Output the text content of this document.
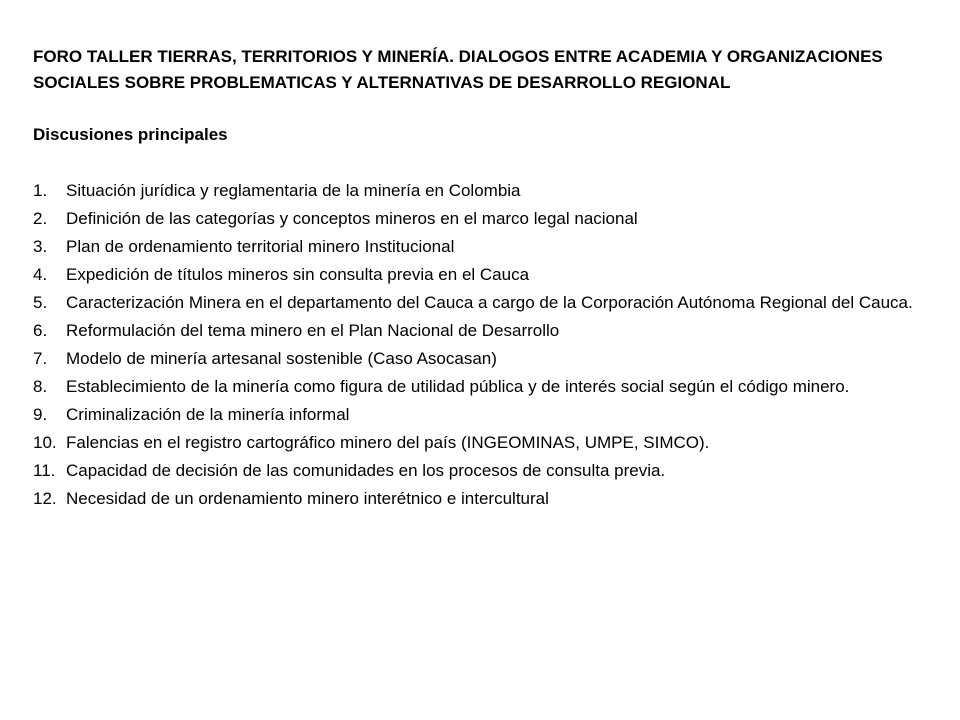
FORO TALLER TIERRAS, TERRITORIOS Y MINERÍA. DIALOGOS ENTRE ACADEMIA Y ORGANIZACIONES SOCIALES SOBRE PROBLEMATICAS Y ALTERNATIVAS DE DESARROLLO REGIONAL

Discusiones principales

1. Situación jurídica y reglamentaria de la minería en Colombia
2. Definición de las categorías y conceptos mineros en el marco legal nacional
3. Plan de ordenamiento territorial minero Institucional
4. Expedición de títulos mineros sin consulta previa en el Cauca
5. Caracterización Minera en el departamento del Cauca a cargo de la Corporación Autónoma Regional del Cauca.
6. Reformulación del tema minero en el Plan Nacional de Desarrollo
7. Modelo de minería artesanal sostenible (Caso Asocasan)
8. Establecimiento de la minería como figura de utilidad pública y de interés social según el código minero.
9. Criminalización de la minería informal
10. Falencias en el registro cartográfico minero del país (INGEOMINAS, UMPE, SIMCO).
11. Capacidad de decisión de las comunidades en los procesos de consulta previa.
12. Necesidad de un ordenamiento minero interétnico e intercultural
